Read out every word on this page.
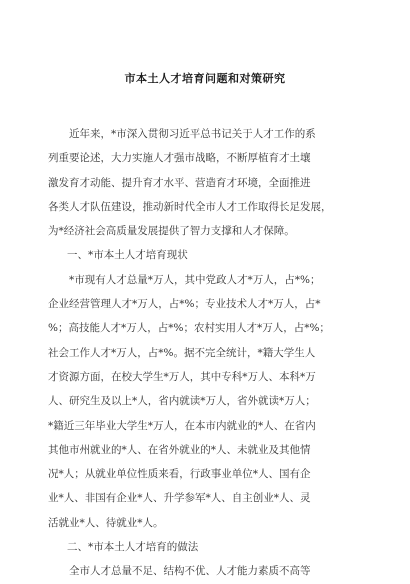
市本土人才培育问题和对策研究
近年来，*市深入贯彻习近平总书记关于人才工作的系
列重要论述，大力实施人才强市战略，不断厚植育才土壤
激发育才动能、提升育才水平、营造育才环境，全面推进
各类人才队伍建设，推动新时代全市人才工作取得长足发展，
为*经济社会高质量发展提供了智力支撑和人才保障。
一、*市本土人才培育现状
*市现有人才总量*万人，其中党政人才*万人，占*%；
企业经营管理人才*万人，占*%；专业技术人才*万人，占*
%；高技能人才*万人，占*%；农村实用人才*万人，占*%；
社会工作人才*万人，占*%。据不完全统计，*籍大学生人
才资源方面，在校大学生*万人，其中专科*万人、本科*万
人、研究生及以上*人，省内就读*万人，省外就读*万人；
*籍近三年毕业大学生*万人，在本市内就业的*人、在省内
其他市州就业的*人、在省外就业的*人、未就业及其他情
况*人；从就业单位性质来看，行政事业单位*人、国有企
业*人、非国有企业*人、升学参军*人、自主创业*人、灵
活就业*人、待就业*人。
二、*市本土人才培育的做法
全市人才总量不足、结构不优、人才能力素质不高等
